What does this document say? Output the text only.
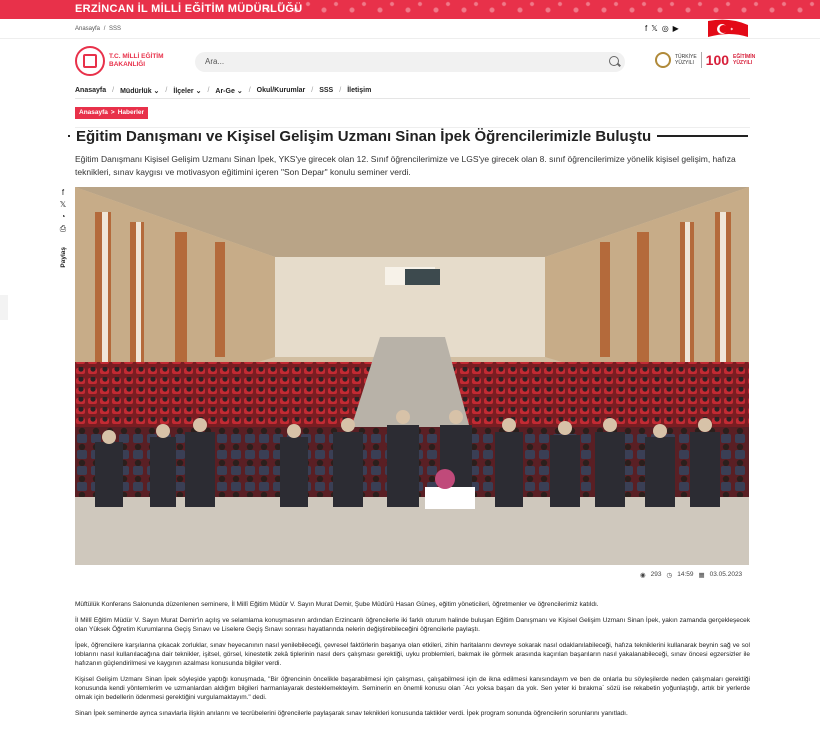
ERZİNCAN İL MİLLİ EĞİTİM MÜDÜRLÜĞÜ
Anasayfa / SSS	f 𝕏 ◎ ▶
T.C. MİLLİ EĞİTİM
BAKANLIĞI	Ara...	TÜRKİYE
YÜZYILI 100 EĞİTİMİN
YÜZYILI
Anasayfa / Müdürlük ⌄ / İlçeler ⌄ / Ar-Ge ⌄ / Okul/Kurumlar / SSS / İletişim
Anasayfa > Haberler
Eğitim Danışmanı ve Kişisel Gelişim Uzmanı Sinan İpek Öğrencilerimizle Buluştu

Eğitim Danışmanı Kişisel Gelişim Uzmanı Sinan İpek, YKS'ye girecek olan 12. Sınıf öğrencilerimize ve LGS'ye girecek olan 8. sınıf öğrencilerimize yönelik kişisel gelişim, hafıza teknikleri, sınav kaygısı ve motivasyon eğitimini içeren "Son Depar" konulu seminer verdi.

f
𝕏
◔
⎙
Paylaş
◉ 293 ◷ 14:59 ▦ 03.05.2023

Müftülük Konferans Salonunda düzenlenen seminere, İl Millî Eğitim Müdür V. Sayın Murat Demir, Şube Müdürü Hasan Güneş, eğitim yöneticileri, öğretmenler ve öğrencilerimiz katıldı.

İl Millî Eğitim Müdür V. Sayın Murat Demir'in açılış ve selamlama konuşmasının ardından Erzincanlı öğrencilerle iki farklı oturum halinde buluşan Eğitim Danışmanı ve Kişisel Gelişim Uzmanı Sinan İpek, yakın zamanda gerçekleşecek olan Yüksek Öğretim Kurumlarına Geçiş Sınavı ve Liselere Geçiş Sınavı sonrası hayatlarında nelerin değiştirebileceğini öğrencilerle paylaştı.

İpek, öğrencilere karşılarına çıkacak zorluklar, sınav heyecanının nasıl yenilebileceği, çevresel faktörlerin başarıya olan etkileri, zihin haritalarını devreye sokarak nasıl odaklanılabileceği, hafıza tekniklerini kullanarak beynin sağ ve sol loblarını nasıl kullanılacağına dair teknikler, işitsel, görsel, kinestetik zekâ tiplerinin nasıl ders çalışması gerektiği, uyku problemleri, bakmak ile görmek arasında kaçırılan başarıların nasıl yakalanabileceği, sınav öncesi egzersizler ile hafızanın güçlendirilmesi ve kaygının azalması konusunda bilgiler verdi.

Kişisel Gelişim Uzmanı Sinan İpek söyleşide yaptığı konuşmada, "Bir öğrencinin öncelikle başarabilmesi için çalışması, çalışabilmesi için de ikna edilmesi kanısındayım ve ben de onlarla bu söyleşilerde neden çalışmaları gerektiği konusunda kendi yöntemlerim ve uzmanlardan aldığım bilgileri harmanlayarak desteklemekteyim. Seminerin en önemli konusu olan `Acı yoksa başarı da yok. Sen yeter ki bırakma` sözü ise rekabetin yoğunlaştığı, artık bir yerlerde olmak için bedellerin ödenmesi gerektiğini vurgulamaktayım." dedi.

Sinan İpek seminerde ayrıca sınavlarla ilişkin anılarını ve tecrübelerini öğrencilerle paylaşarak sınav teknikleri konusunda taktikler verdi. İpek program sonunda öğrencilerin sorunlarını yanıtladı.
